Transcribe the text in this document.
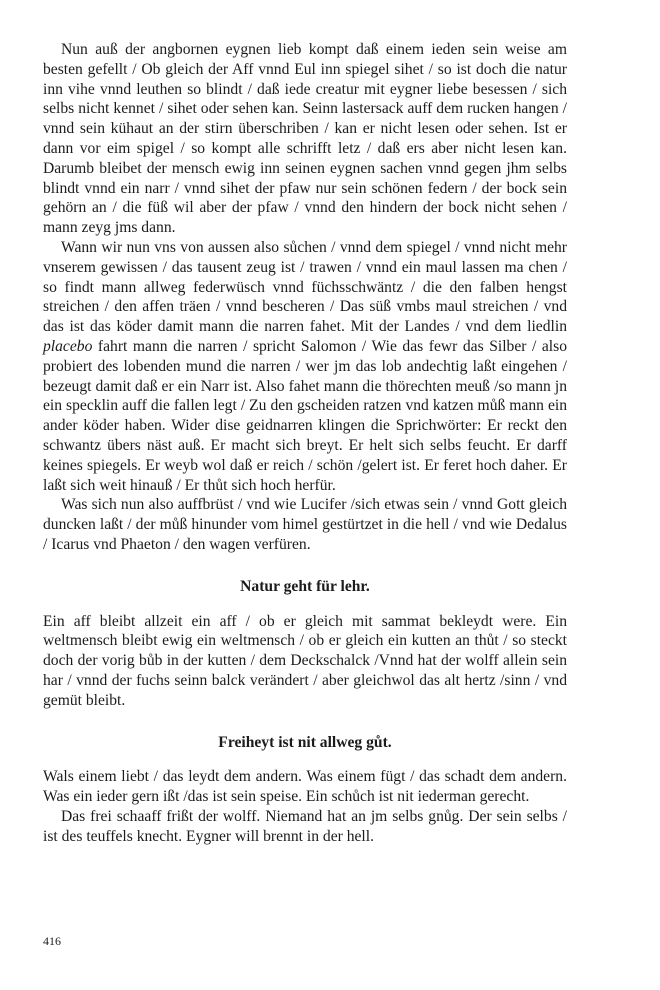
Nun auß der angbornen eygnen lieb kompt daß einem ieden sein weise am besten gefellt / Ob gleich der Aff vnnd Eul inn spiegel sihet / so ist doch die natur inn vihe vnnd leuthen so blindt / daß iede creatur mit eygner liebe besessen / sich selbs nicht kennet / sihet oder sehen kan. Seinn lastersack auff dem rucken hangen / vnnd sein kühaut an der stirn überschriben / kan er nicht lesen oder sehen. Ist er dann vor eim spigel / so kompt alle schrifft letz / daß ers aber nicht lesen kan. Darumb bleibet der mensch ewig inn seinen eygnen sachen vnnd gegen jhm selbs blindt vnnd ein narr / vnnd sihet der pfaw nur sein schönen federn / der bock sein gehörn an / die füß wil aber der pfaw / vnnd den hindern der bock nicht sehen / mann zeyg jms dann.

Wann wir nun vns von aussen also sůchen / vnnd dem spiegel / vnnd nicht mehr vnserem gewissen / das tausent zeug ist / trawen / vnnd ein maul lassen ma chen / so findt mann allweg federwüsch vnnd füchsschwäntz / die den falben hengst streichen / den affen träen / vnnd bescheren / Das süß vmbs maul streichen / vnd das ist das köder damit mann die narren fahet. Mit der Landes / vnd dem liedlin placebo fahrt mann die narren / spricht Salomon / Wie das fewr das Silber / also probiert des lobenden mund die narren / wer jm das lob andechtig laßt eingehen / bezeugt damit daß er ein Narr ist. Also fahet mann die thörechten meuß /so mann jn ein specklin auff die fallen legt / Zu den gscheiden ratzen vnd katzen můß mann ein ander köder haben. Wider dise geidnarren klingen die Sprichwörter: Er reckt den schwantz übers näst auß. Er macht sich breyt. Er helt sich selbs feucht. Er darff keines spiegels. Er weyb wol daß er reich / schön /gelert ist. Er feret hoch daher. Er laßt sich weit hinauß / Er thůt sich hoch herfür.

Was sich nun also auffbrüst / vnd wie Lucifer /sich etwas sein / vnnd Gott gleich duncken laßt / der můß hinunder vom himel gestürtzet in die hell / vnd wie Dedalus / Icarus vnd Phaeton / den wagen verfüren.

Natur geht für lehr.

Ein aff bleibt allzeit ein aff / ob er gleich mit sammat bekleydt were. Ein weltmensch bleibt ewig ein weltmensch / ob er gleich ein kutten an thůt / so steckt doch der vorig bůb in der kutten / dem Deckschalck /Vnnd hat der wolff allein sein har / vnnd der fuchs seinn balck verändert / aber gleichwol das alt hertz /sinn / vnd gemüt bleibt.

Freiheyt ist nit allweg gůt.

Wals einem liebt / das leydt dem andern. Was einem fügt / das schadt dem andern. Was ein ieder gern ißt /das ist sein speise. Ein schůch ist nit iederman gerecht.

Das frei schaaff frißt der wolff. Niemand hat an jm selbs gnůg. Der sein selbs / ist des teuffels knecht. Eygner will brennt in der hell.

416
